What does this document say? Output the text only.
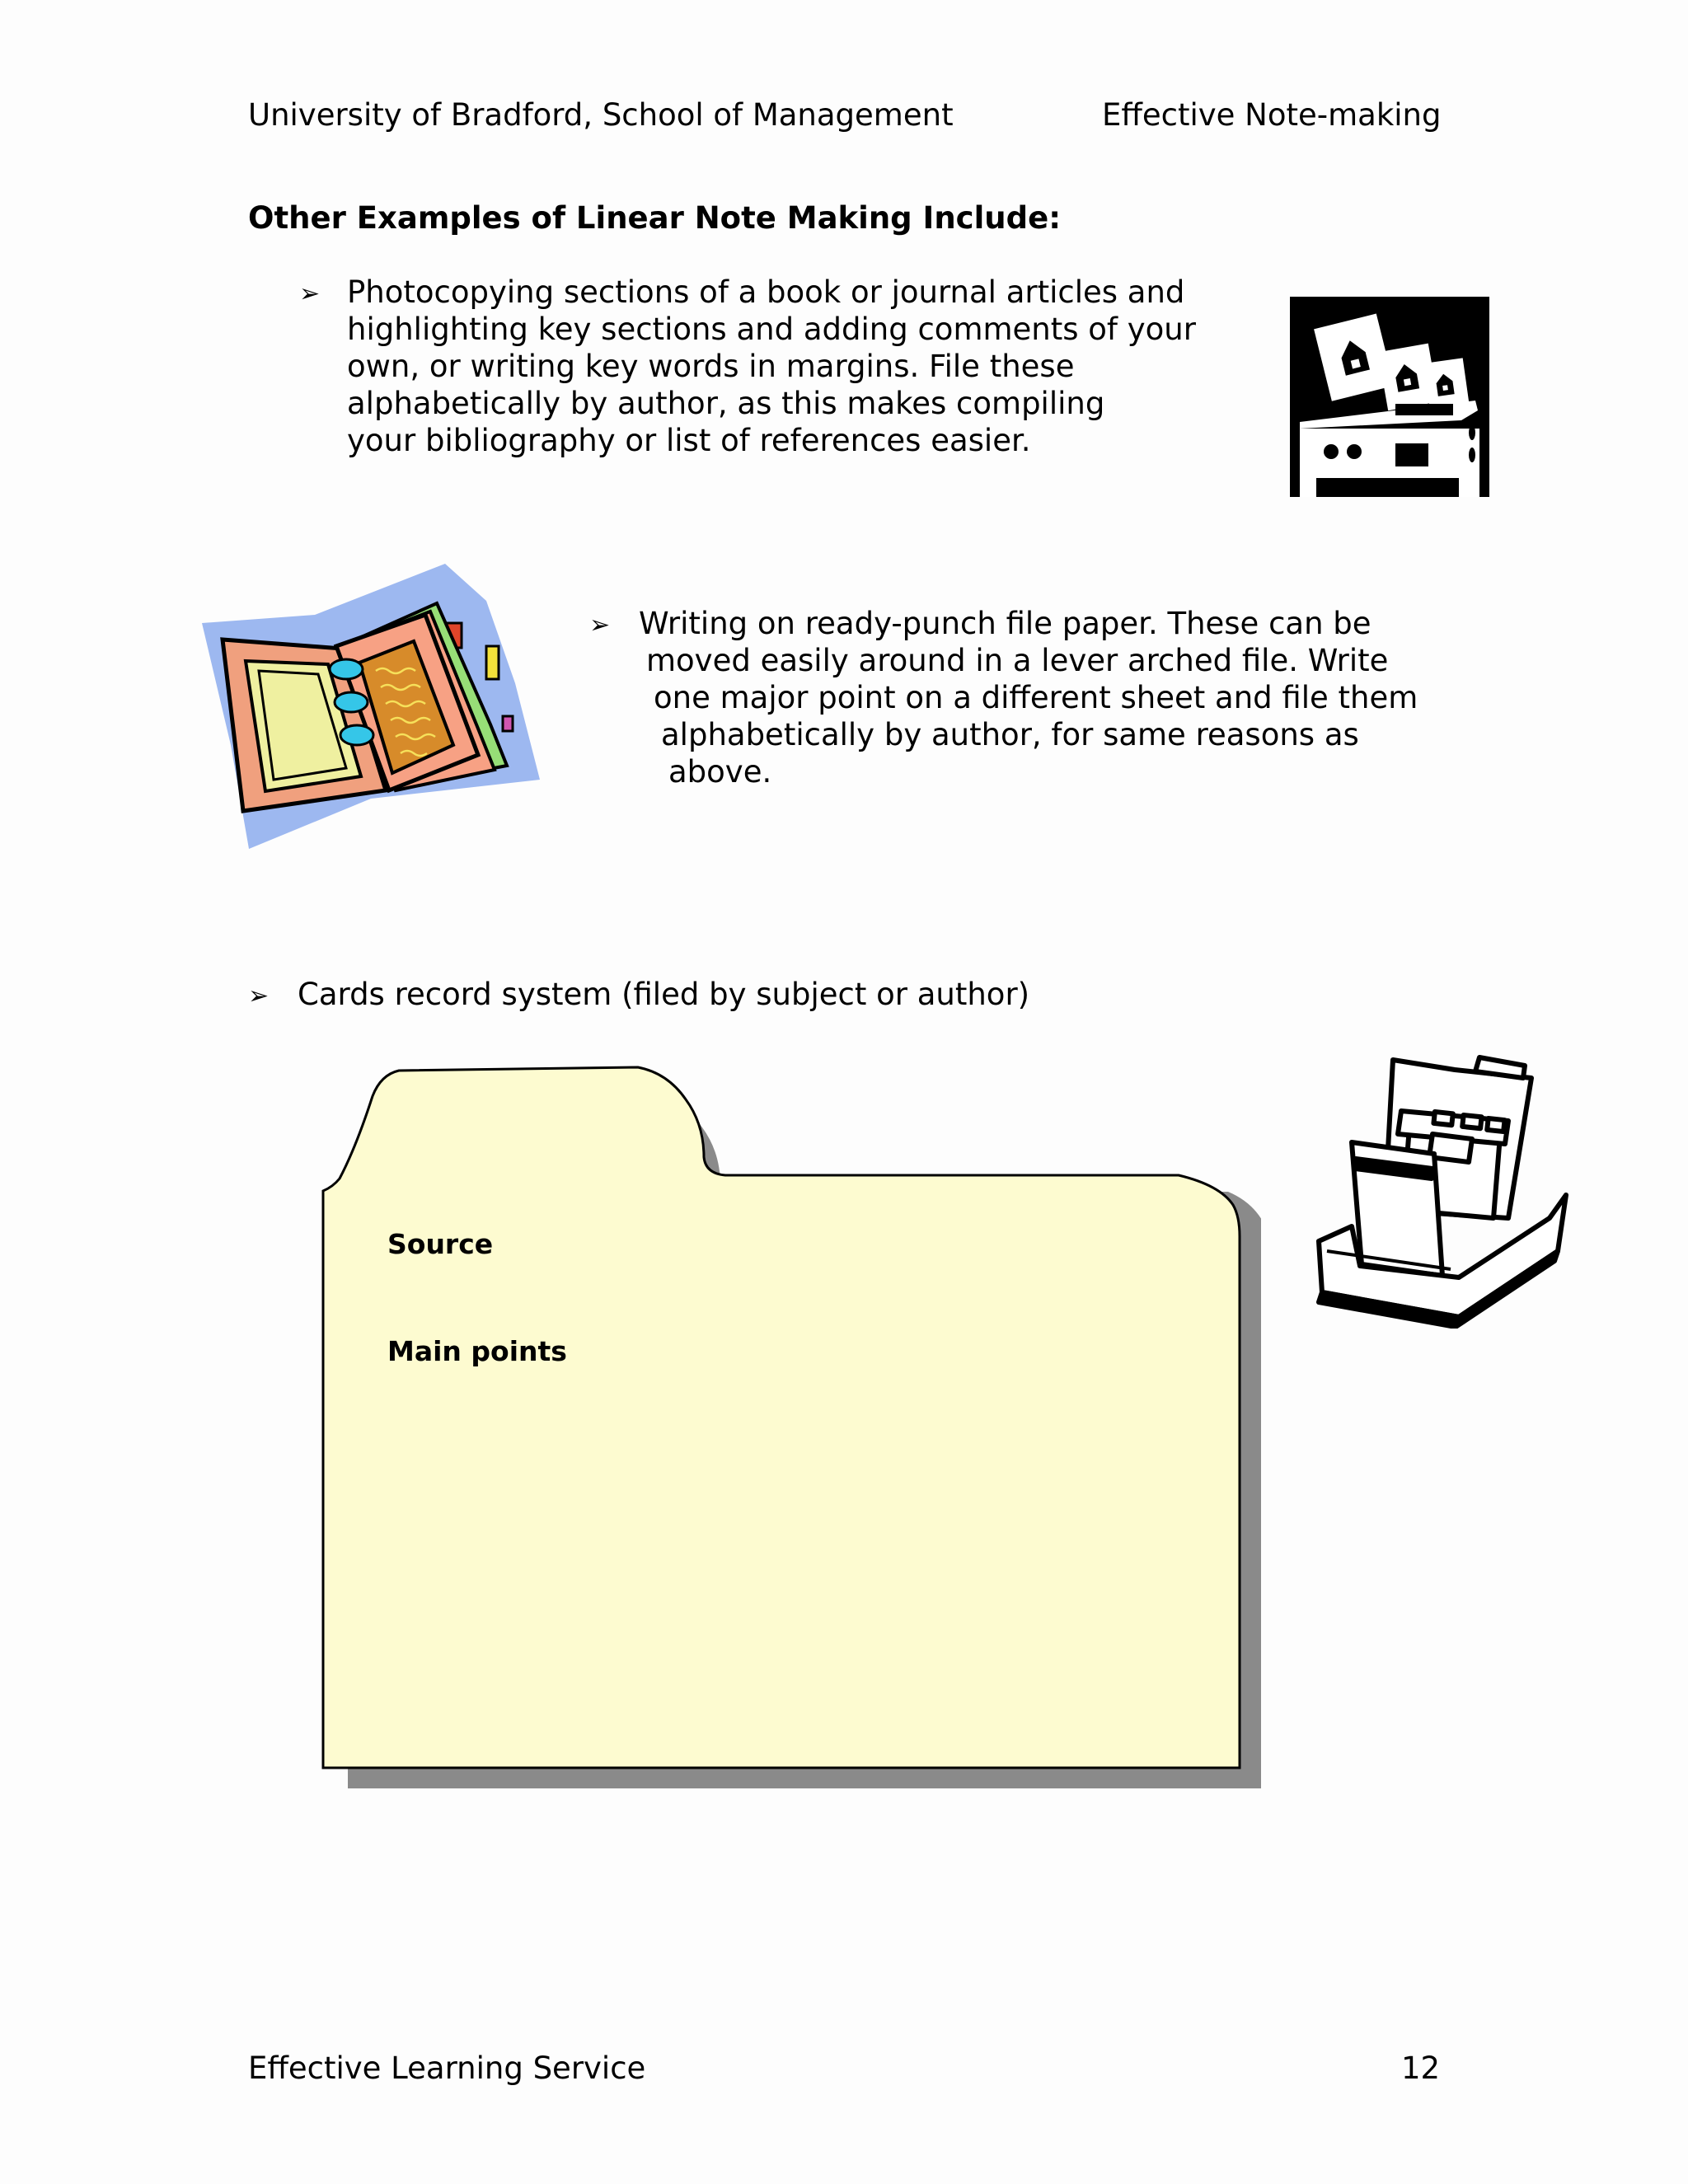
University of Bradford, School of Management	Effective Note-making
Other Examples of Linear Note Making Include:
➢ Photocopying sections of a book or journal articles and
highlighting key sections and adding comments of your
own, or writing key words in margins. File these
alphabetically by author, as this makes compiling
your bibliography or list of references easier.
➢ Writing on ready-punch file paper. These can be
moved easily around in a lever arched file. Write
one major point on a different sheet and file them
alphabetically by author, for same reasons as
above.
➢ Cards record system (filed by subject or author)
Source
Main points
Effective Learning Service	12
